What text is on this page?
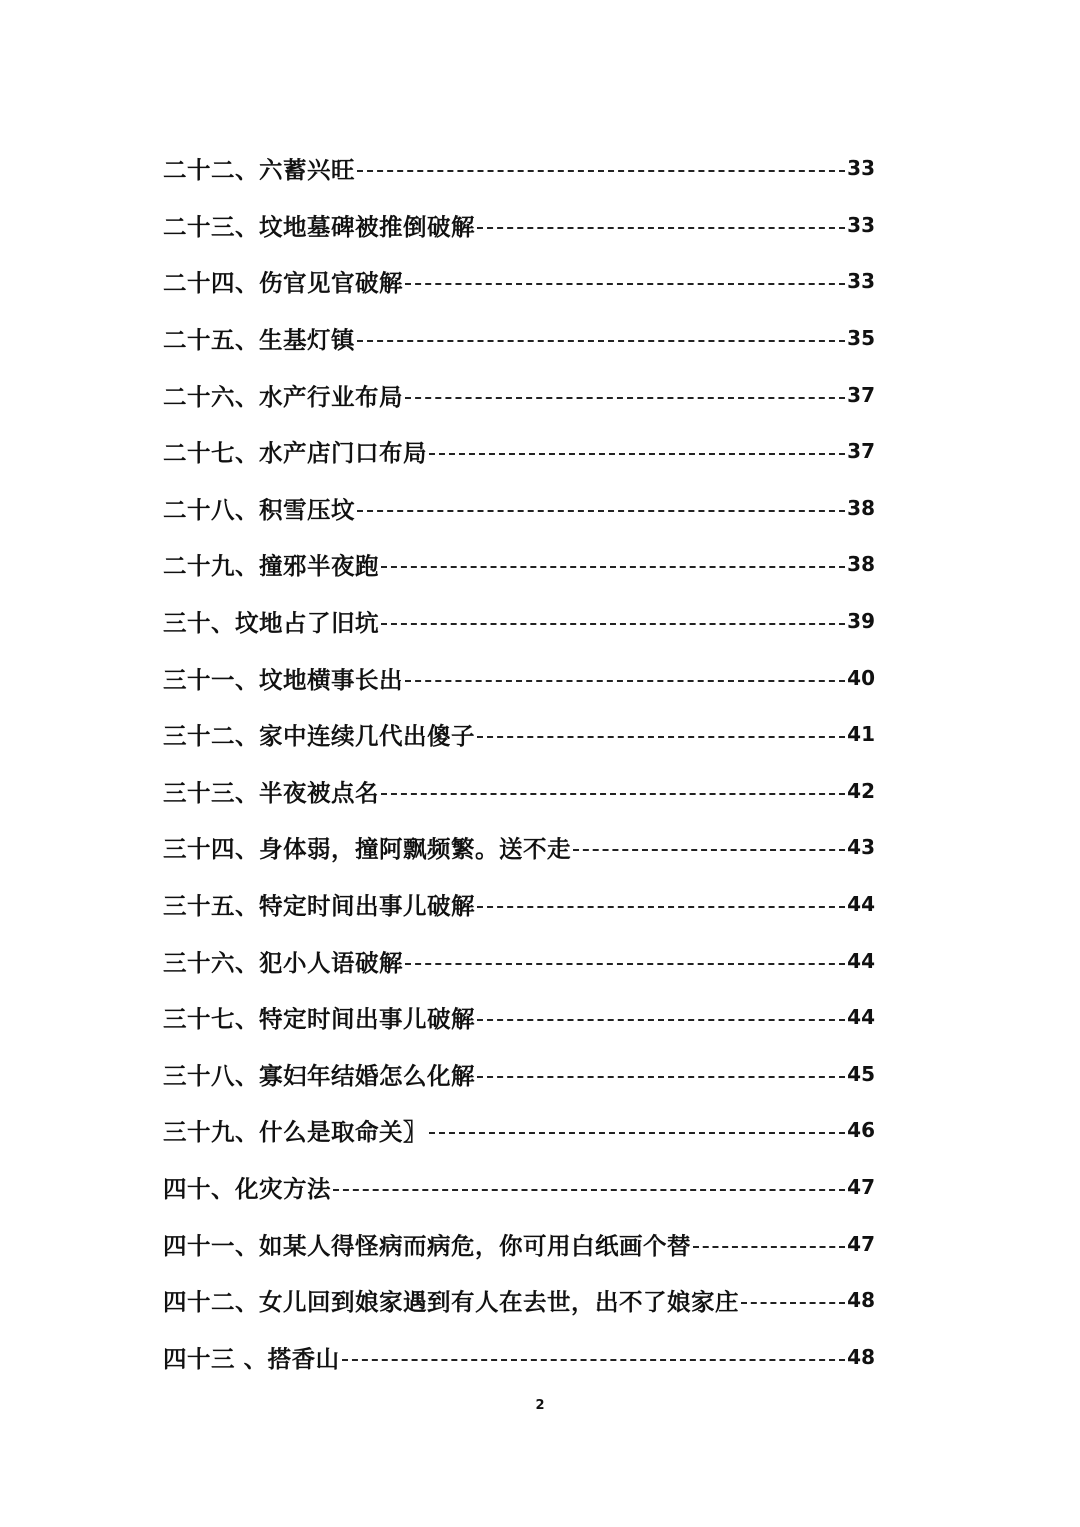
二十二、六蓄兴旺	33
二十三、坟地墓碑被推倒破解	33
二十四、伤官见官破解	33
二十五、生基灯镇	35
二十六、水产行业布局	37
二十七、水产店门口布局	37
二十八、积雪压坟	38
二十九、撞邪半夜跑	38
三十、坟地占了旧坑	39
三十一、坟地横事长出	40
三十二、家中连续几代出傻子	41
三十三、半夜被点名	42
三十四、身体弱，撞阿飘频繁。送不走	43
三十五、特定时间出事儿破解	44
三十六、犯小人语破解	44
三十七、特定时间出事儿破解	44
三十八、寡妇年结婚怎么化解	45
三十九、什么是取命关〗	46
四十、化灾方法	47
四十一、如某人得怪病而病危，你可用白纸画个替	47
四十二、女儿回到娘家遇到有人在去世，出不了娘家庄	48
四十三 、搭香山	48
2
